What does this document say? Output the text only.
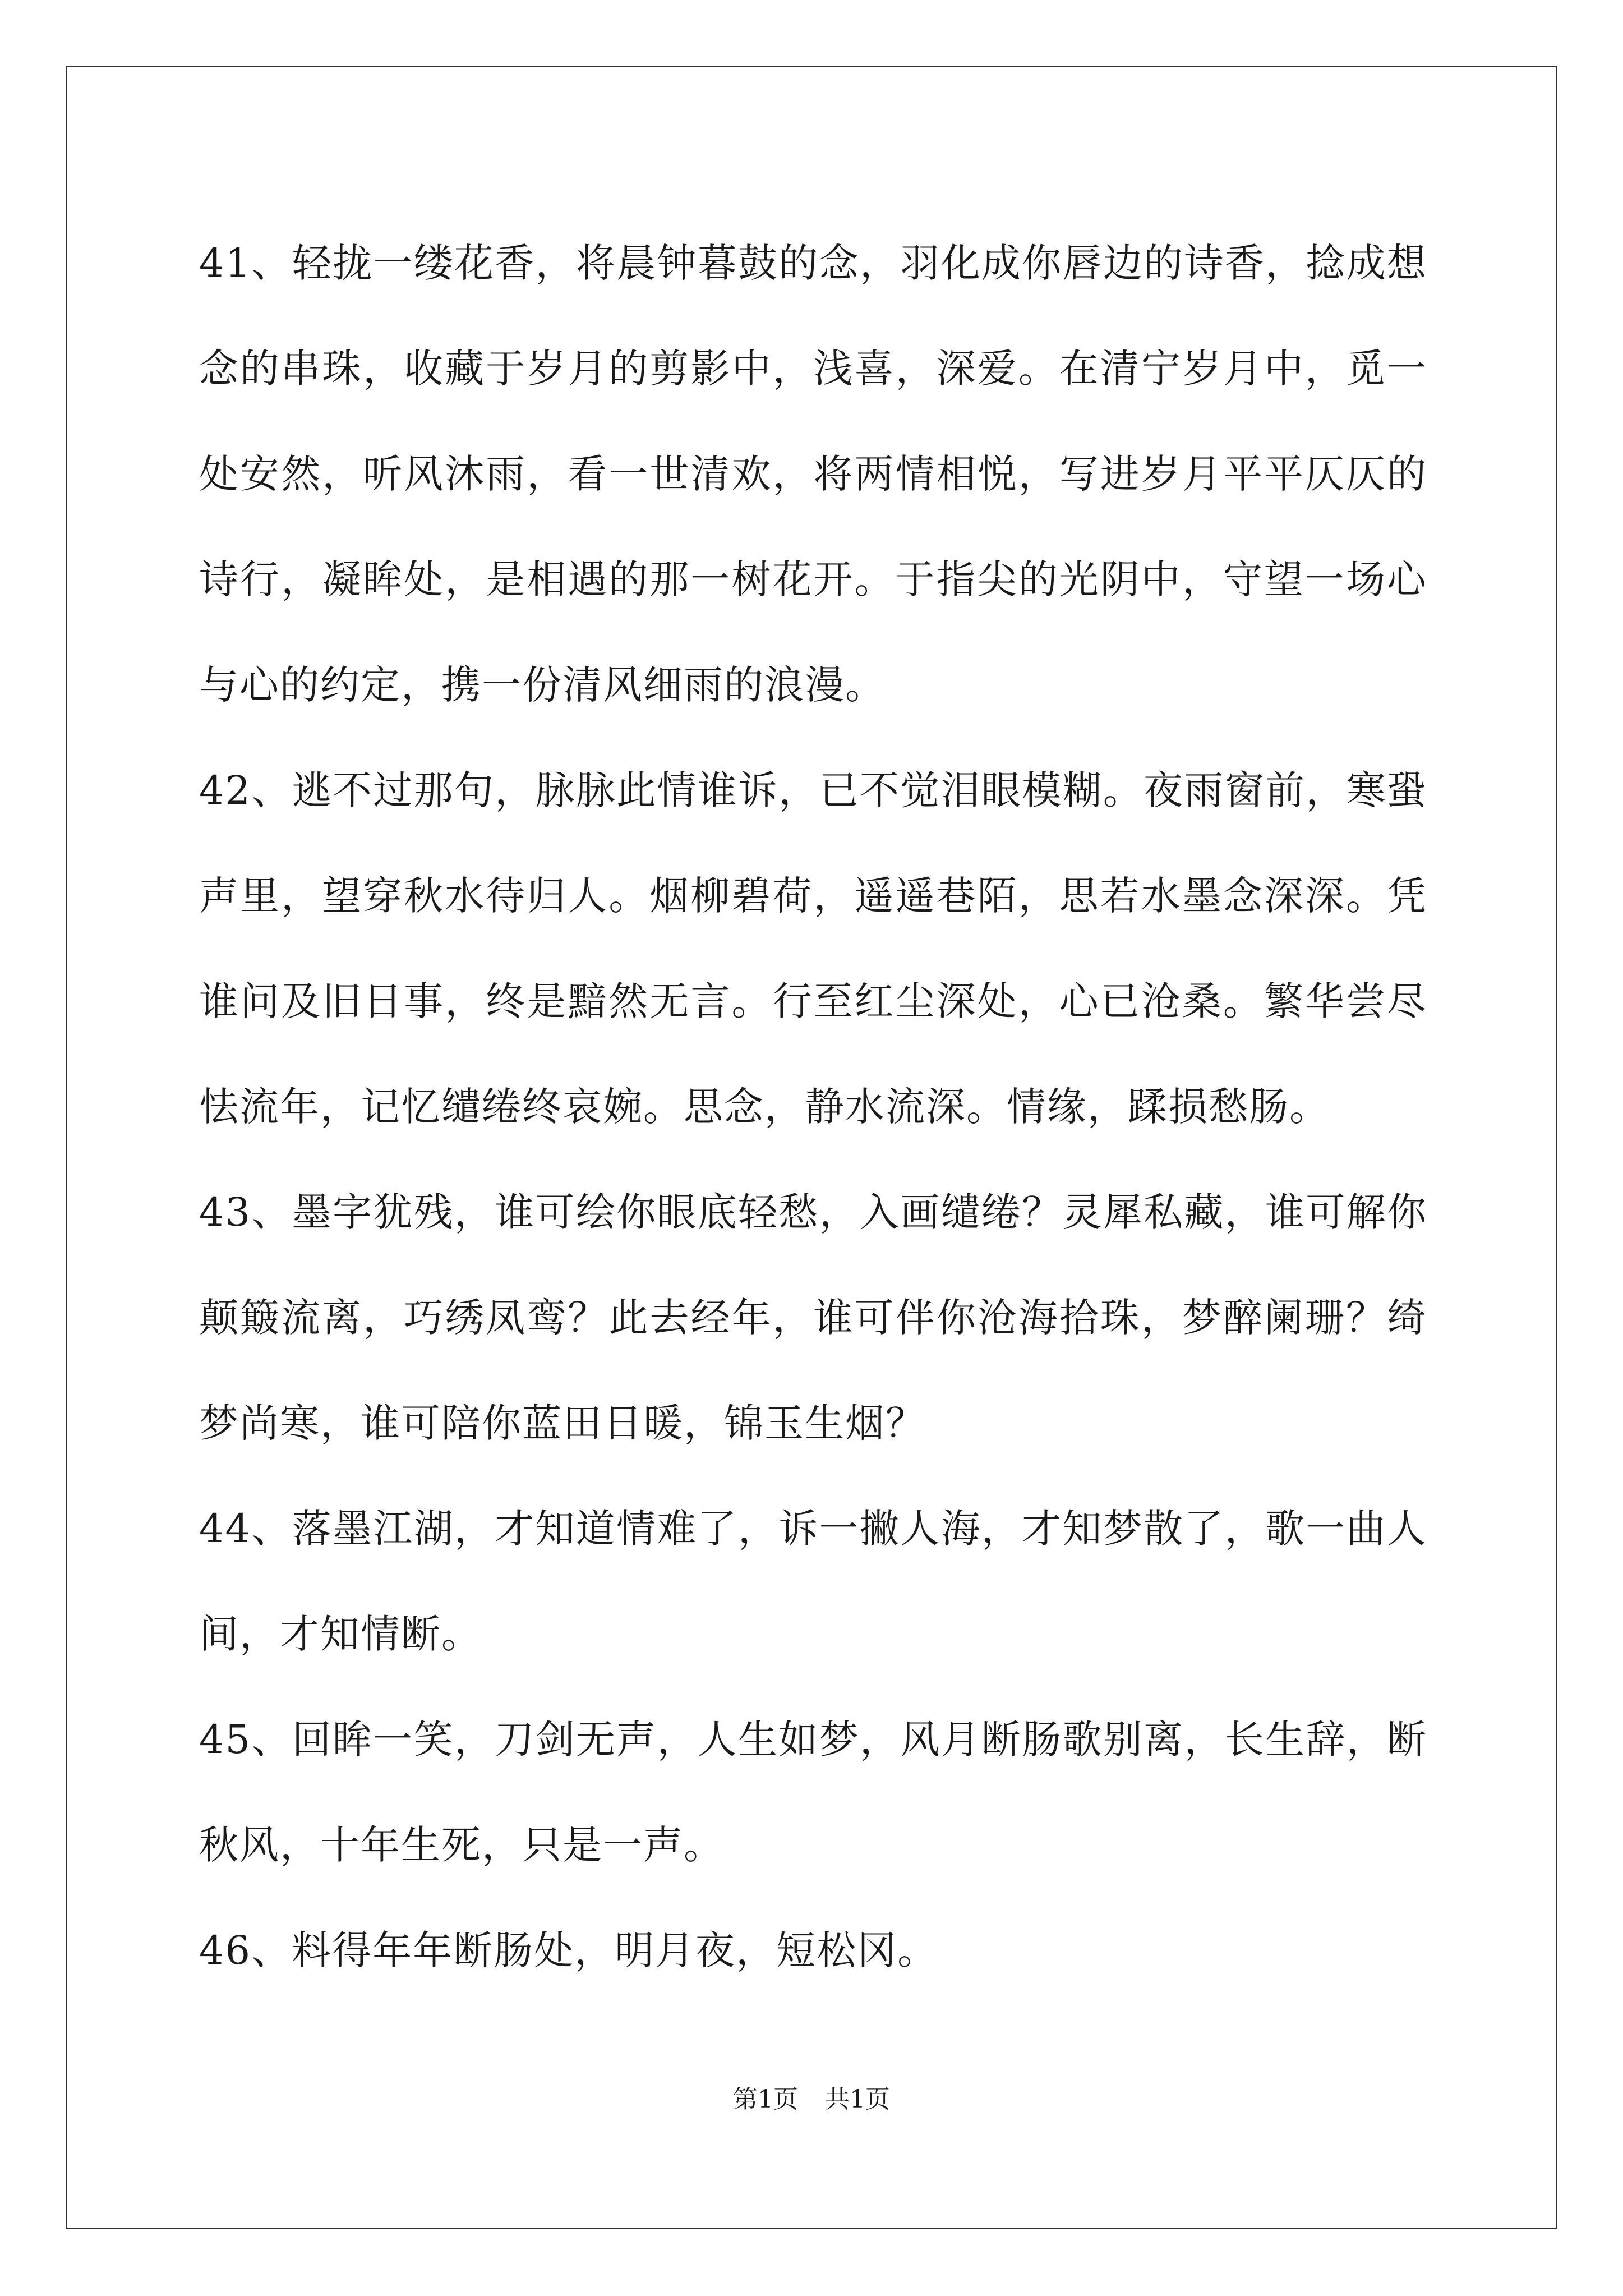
41、轻拢一缕花香，将晨钟暮鼓的念，羽化成你唇边的诗香，捻成想念的串珠，收藏于岁月的剪影中，浅喜，深爱。在清宁岁月中，觅一处安然，听风沐雨，看一世清欢，将两情相悦，写进岁月平平仄仄的诗行，凝眸处，是相遇的那一树花开。于指尖的光阴中，守望一场心与心的约定，携一份清风细雨的浪漫。

42、逃不过那句，脉脉此情谁诉，已不觉泪眼模糊。夜雨窗前，寒蛩声里，望穿秋水待归人。烟柳碧荷，遥遥巷陌，思若水墨念深深。凭谁问及旧日事，终是黯然无言。行至红尘深处，心已沧桑。繁华尝尽怯流年，记忆缱绻终哀婉。思念，静水流深。情缘，蹂损愁肠。

43、墨字犹残，谁可绘你眼底轻愁，入画缱绻？灵犀私藏，谁可解你颠簸流离，巧绣凤鸾？此去经年，谁可伴你沧海拾珠，梦醉阑珊？绮梦尚寒，谁可陪你蓝田日暖，锦玉生烟？

44、落墨江湖，才知道情难了，诉一撇人海，才知梦散了，歌一曲人间，才知情断。

45、回眸一笑，刀剑无声，人生如梦，风月断肠歌别离，长生辞，断秋风，十年生死，只是一声。

46、料得年年断肠处，明月夜，短松冈。

第1页 共1页
